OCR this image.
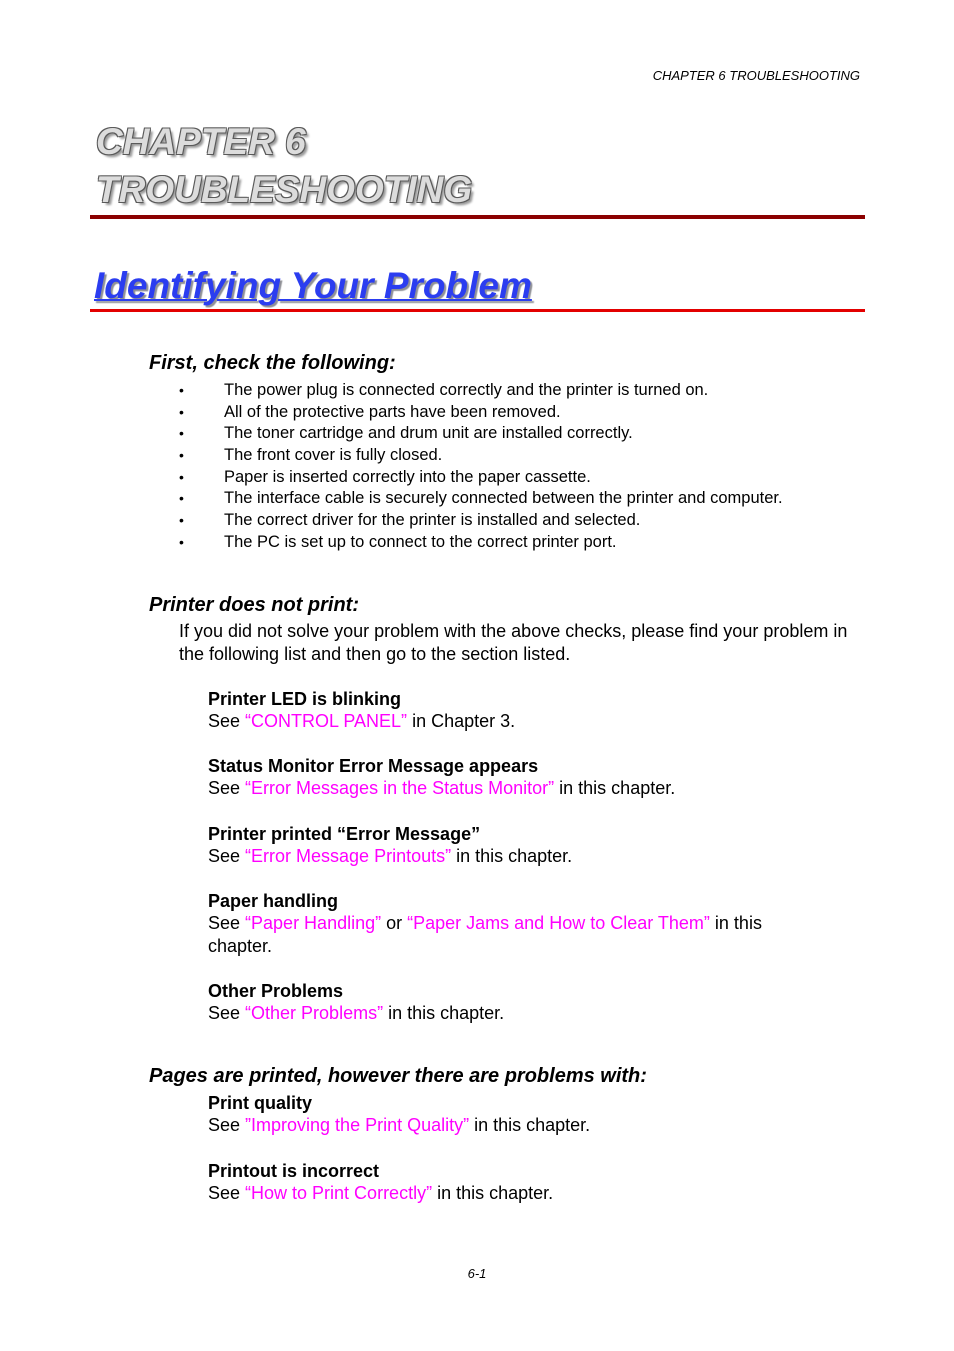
CHAPTER 6 TROUBLESHOOTING
CHAPTER 6
TROUBLESHOOTING
Identifying Your Problem
First, check the following:
• The power plug is connected correctly and the printer is turned on.
• All of the protective parts have been removed.
• The toner cartridge and drum unit are installed correctly.
• The front cover is fully closed.
• Paper is inserted correctly into the paper cassette.
• The interface cable is securely connected between the printer and computer.
• The correct driver for the printer is installed and selected.
• The PC is set up to connect to the correct printer port.
Printer does not print:

If you did not solve your problem with the above checks, please find your problem in the following list and then go to the section listed.

Printer LED is blinking

See “CONTROL PANEL” in Chapter 3.

Status Monitor Error Message appears

See “Error Messages in the Status Monitor” in this chapter.

Printer printed “Error Message”

See “Error Message Printouts” in this chapter.

Paper handling

See “Paper Handling” or “Paper Jams and How to Clear Them” in this chapter.

Other Problems

See “Other Problems” in this chapter.

Pages are printed, however there are problems with:
Print quality

See ”Improving the Print Quality” in this chapter.

Printout is incorrect

See “How to Print Correctly” in this chapter.

6-1
